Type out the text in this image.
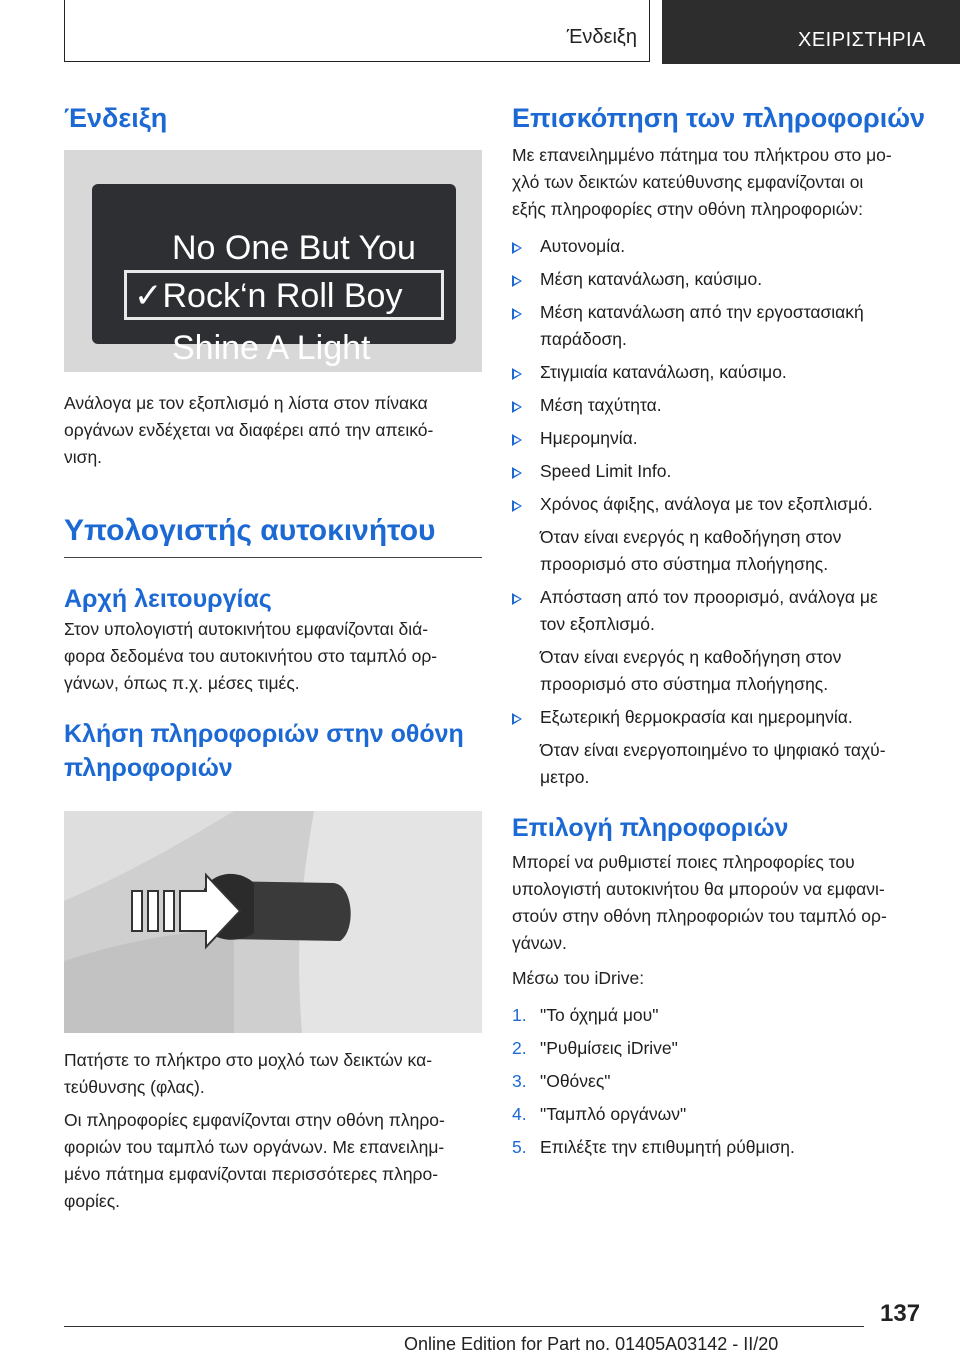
Ένδειξη	ΧΕΙΡΙΣΤΗΡΙΑ
Ένδειξη
No One But You
✓Rock‘n Roll Boy
Shine A Light

Ανάλογα με τον εξοπλισμό η λίστα στον πίνακα

οργάνων ενδέχεται να διαφέρει από την απεικό‐

νιση.

Υπολογιστής αυτοκινήτου
Αρχή λειτουργίας

Στον υπολογιστή αυτοκινήτου εμφανίζονται διά‐

φορα δεδομένα του αυτοκινήτου στο ταμπλό ορ‐

γάνων, όπως π.χ. μέσες τιμές.

Κλήση πληροφοριών στην οθόνη
πληροφοριών

Πατήστε το πλήκτρο στο μοχλό των δεικτών κα‐

τεύθυνσης (φλας).

Οι πληροφορίες εμφανίζονται στην οθόνη πληρο‐

φοριών του ταμπλό των οργάνων. Με επανειλημ‐

μένο πάτημα εμφανίζονται περισσότερες πληρο‐

φορίες.

Επισκόπηση των πληροφοριών

Με επανειλημμένο πάτημα του πλήκτρου στο μο‐

χλό των δεικτών κατεύθυνσης εμφανίζονται οι

εξής πληροφορίες στην οθόνη πληροφοριών:

Αυτονομία.
Μέση κατανάλωση, καύσιμο.
Μέση κατανάλωση από την εργοστασιακή
παράδοση.
Στιγμιαία κατανάλωση, καύσιμο.
Μέση ταχύτητα.
Ημερομηνία.
Speed Limit Info.
Χρόνος άφιξης, ανάλογα με τον εξοπλισμό.
Όταν είναι ενεργός η καθοδήγηση στον
προορισμό στο σύστημα πλοήγησης.
Απόσταση από τον προορισμό, ανάλογα με
τον εξοπλισμό.
Όταν είναι ενεργός η καθοδήγηση στον
προορισμό στο σύστημα πλοήγησης.
Εξωτερική θερμοκρασία και ημερομηνία.
Όταν είναι ενεργοποιημένο το ψηφιακό ταχύ‐
μετρο.
Επιλογή πληροφοριών

Μπορεί να ρυθμιστεί ποιες πληροφορίες του

υπολογιστή αυτοκινήτου θα μπορούν να εμφανι‐

στούν στην οθόνη πληροφοριών του ταμπλό ορ‐

γάνων.

Μέσω του iDrive:

1. "Το όχημά μου"
2. "Ρυθμίσεις iDrive"
3. "Οθόνες"
4. "Ταμπλό οργάνων"
5. Επιλέξτε την επιθυμητή ρύθμιση.
137
Online Edition for Part no. 01405A03142 - II/20
